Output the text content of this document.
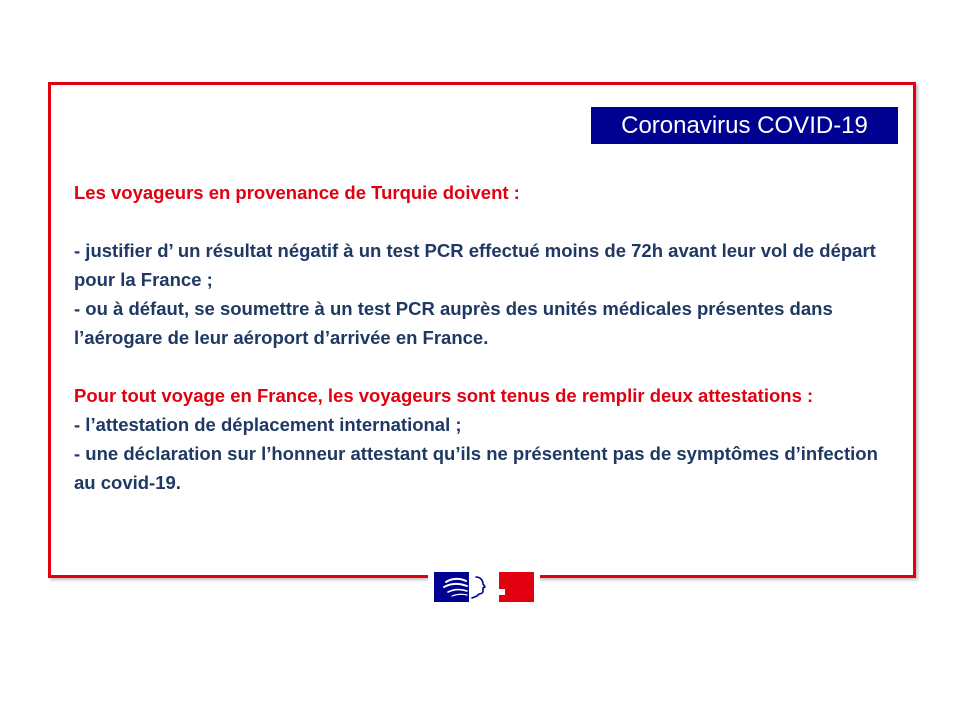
Coronavirus COVID-19

Les voyageurs en provenance de Turquie doivent :

- justifier d’ un résultat négatif à un test PCR effectué moins de 72h avant leur vol de départ pour la France ;

- ou à défaut, se soumettre à un test PCR auprès des unités médicales présentes dans l’aérogare de leur aéroport d’arrivée en France.

Pour tout voyage en France, les voyageurs sont tenus de remplir deux attestations :

- l’attestation de déplacement international ;

- une déclaration sur l’honneur attestant qu’ils ne présentent pas de symptômes d’infection au covid-19.
